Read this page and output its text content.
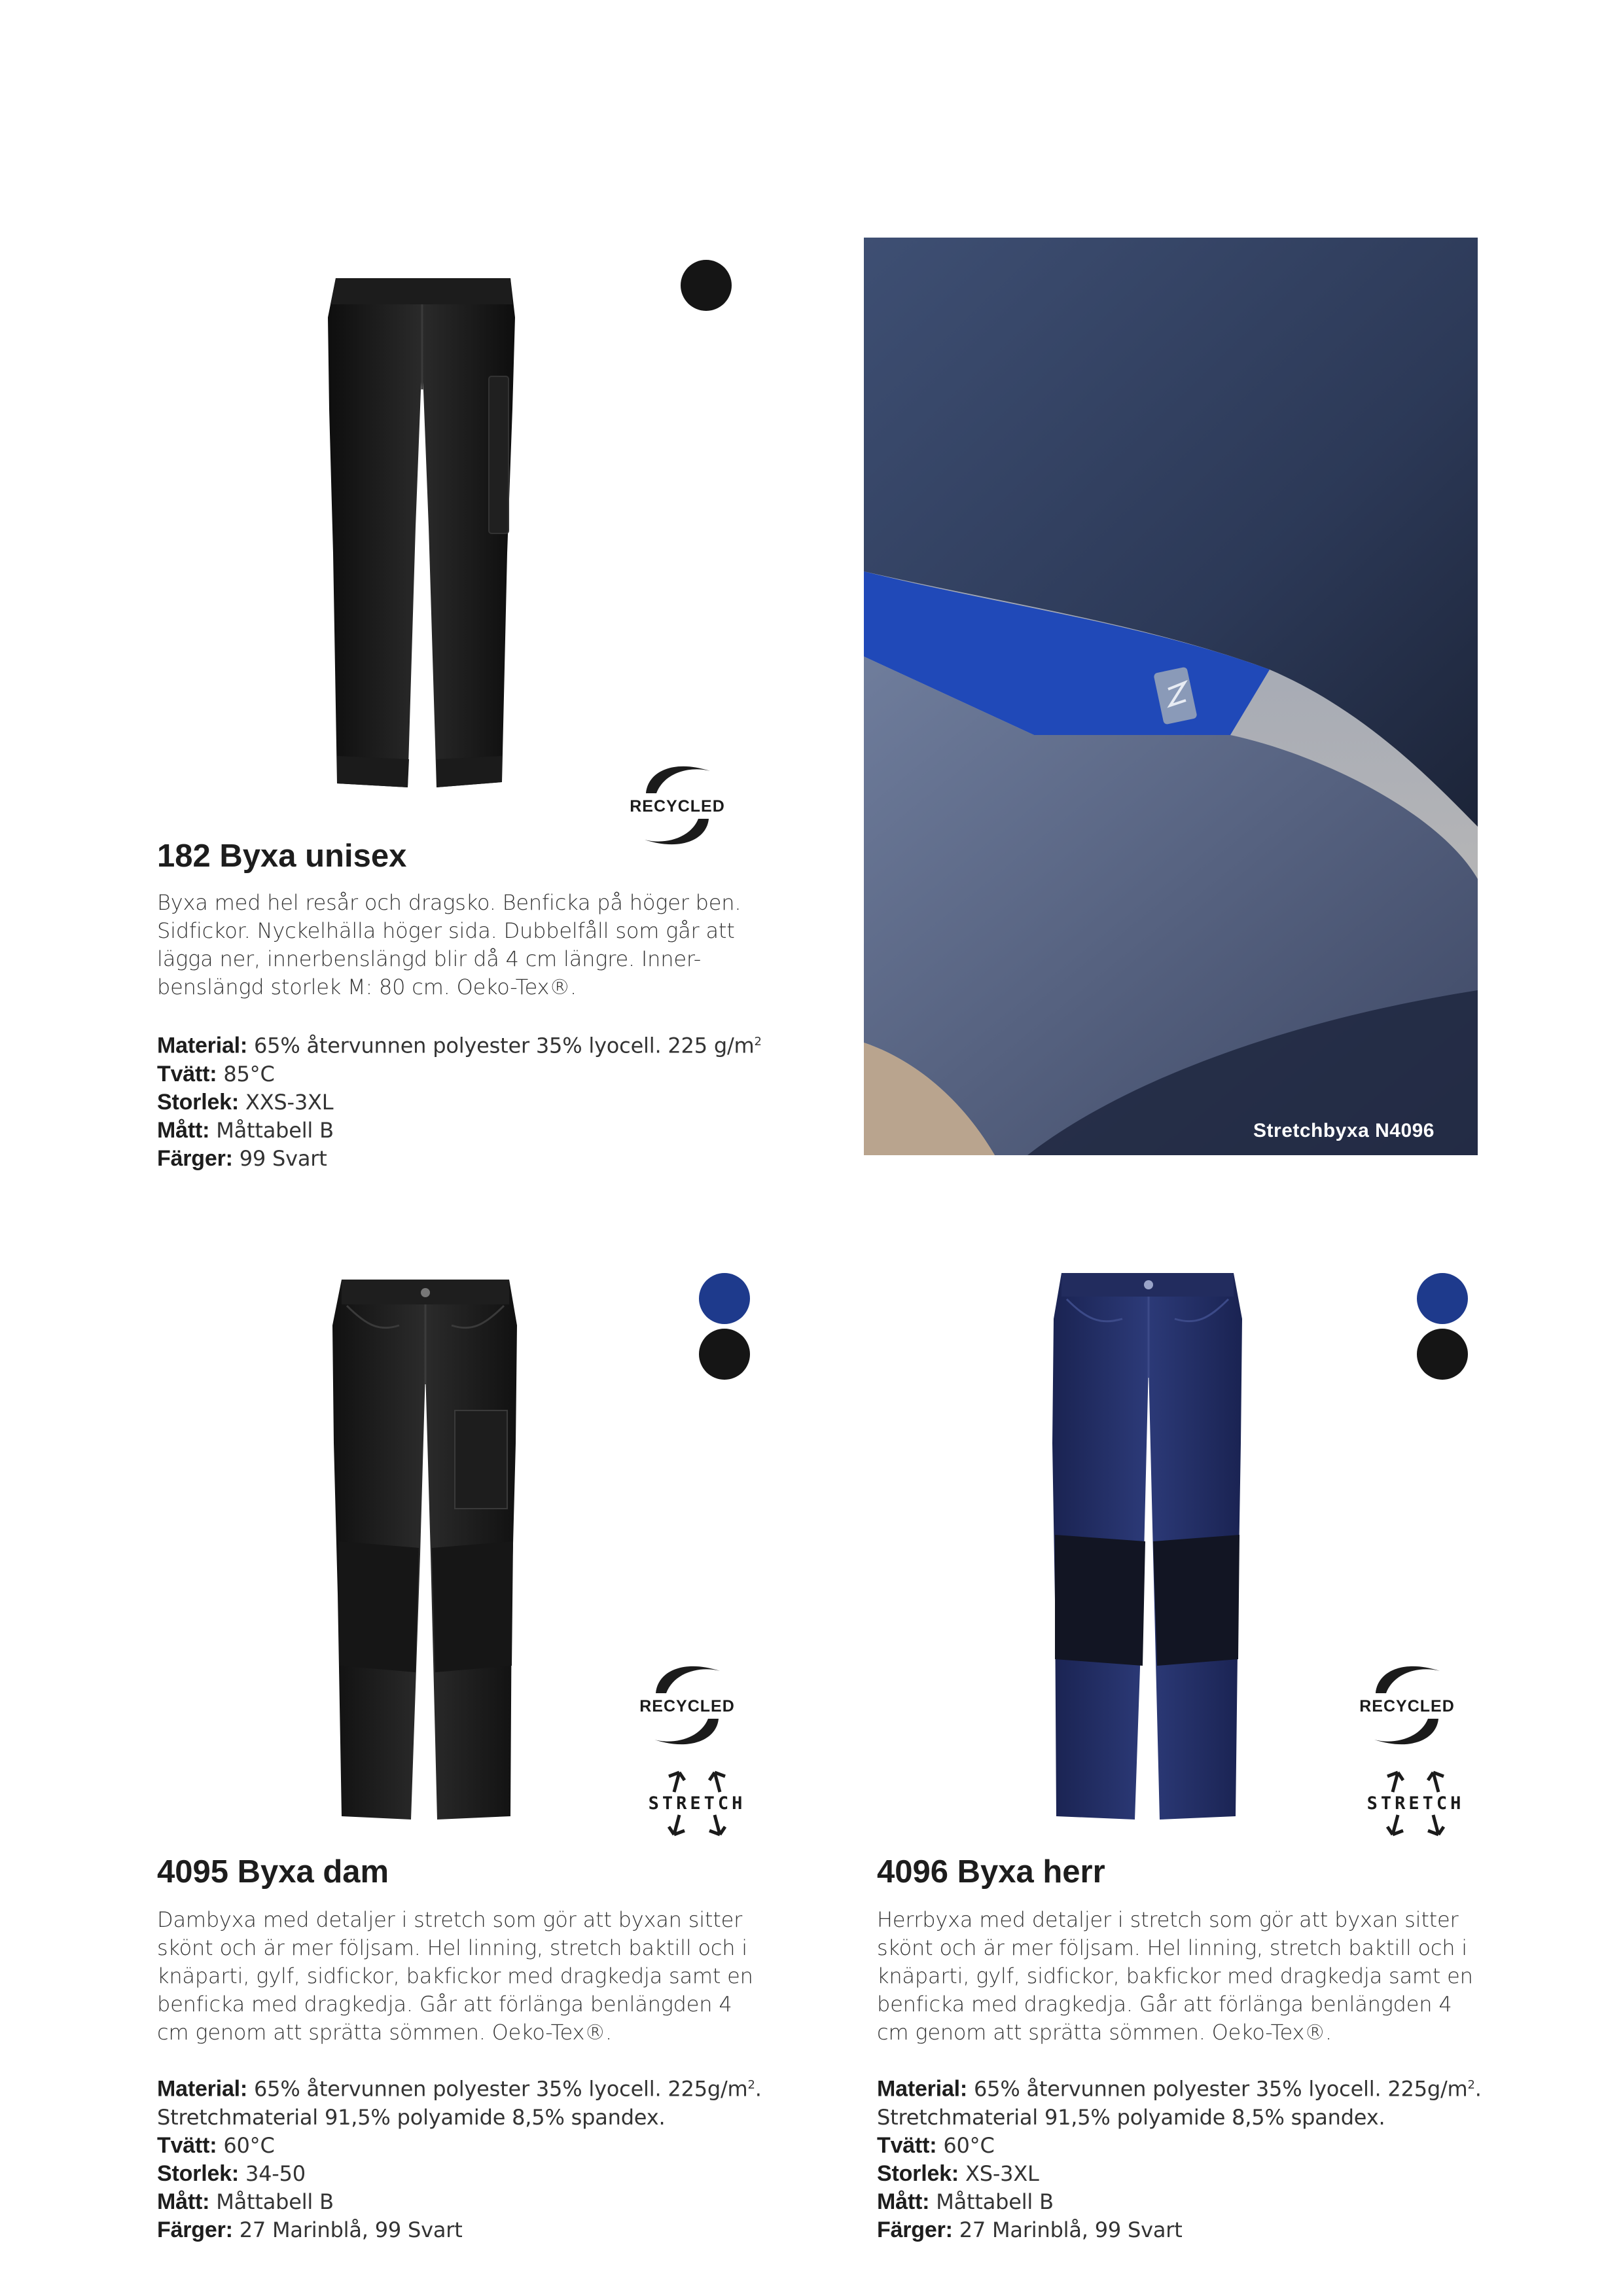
RECYCLED
182 Byxa unisex
Byxa med hel resår och dragsko. Benficka på höger ben.
Sidfickor. Nyckelhälla höger sida. Dubbelfåll som går att
lägga ner, innerbenslängd blir då 4 cm längre. Inner-
benslängd storlek M: 80 cm. Oeko-Tex®.
Material: 65% återvunnen polyester 35% lyocell. 225 $g/m^2$
Tvätt: 85°C
Storlek: XXS-3XL
Mått: Måttabell B
Färger: 99 Svart
Stretchbyxa N4096
RECYCLED
STRETCH
4095 Byxa dam
Dambyxa med detaljer i stretch som gör att byxan sitter
skönt och är mer följsam. Hel linning, stretch baktill och i
knäparti, gylf, sidfickor, bakfickor med dragkedja samt en
benficka med dragkedja. Går att förlänga benlängden 4
cm genom att sprätta sömmen. Oeko-Tex®.
Material: 65% återvunnen polyester 35% lyocell. $225g/m^2$.
Stretchmaterial 91,5% polyamide 8,5% spandex.
Tvätt: 60°C
Storlek: 34-50
Mått: Måttabell B
Färger: 27 Marinblå, 99 Svart
RECYCLED
STRETCH
4096 Byxa herr
Herrbyxa med detaljer i stretch som gör att byxan sitter
skönt och är mer följsam. Hel linning, stretch baktill och i
knäparti, gylf, sidfickor, bakfickor med dragkedja samt en
benficka med dragkedja. Går att förlänga benlängden 4
cm genom att sprätta sömmen. Oeko-Tex®.
Material: 65% återvunnen polyester 35% lyocell. $225g/m^2$.
Stretchmaterial 91,5% polyamide 8,5% spandex.
Tvätt: 60°C
Storlek: XS-3XL
Mått: Måttabell B
Färger: 27 Marinblå, 99 Svart
